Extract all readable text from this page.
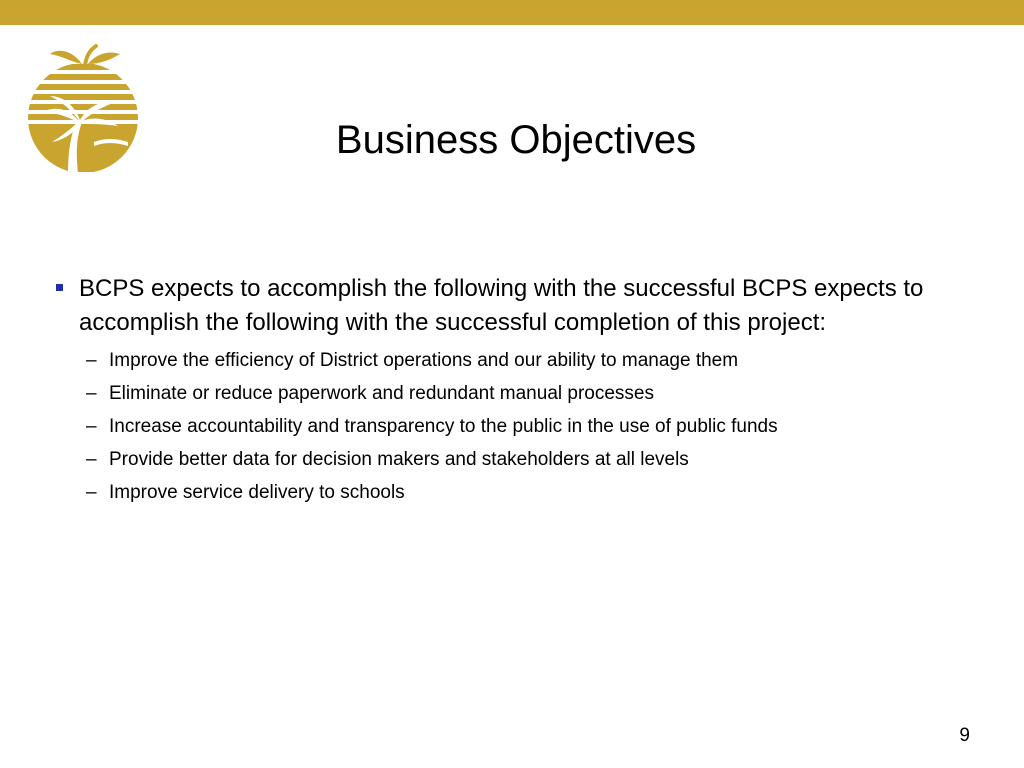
Business Objectives
BCPS expects to accomplish the following with the successful BCPS expects to accomplish the following with the successful completion of this project:
– Improve the efficiency of District operations and our ability to manage them
– Eliminate or reduce paperwork and redundant manual processes
– Increase accountability and transparency to the public in the use of public funds
– Provide better data for decision makers and stakeholders at all levels
– Improve service delivery to schools
9
